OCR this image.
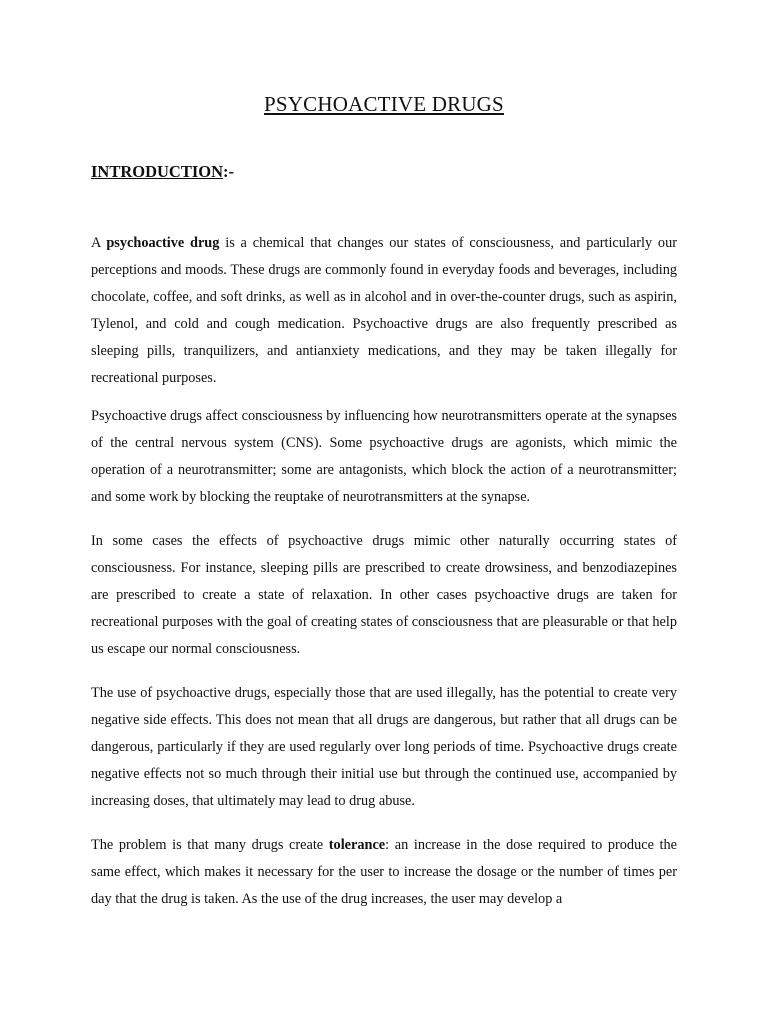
PSYCHOACTIVE DRUGS
INTRODUCTION:-

A psychoactive drug is a chemical that changes our states of consciousness, and particularly our perceptions and moods. These drugs are commonly found in everyday foods and beverages, including chocolate, coffee, and soft drinks, as well as in alcohol and in over-the-counter drugs, such as aspirin, Tylenol, and cold and cough medication. Psychoactive drugs are also frequently prescribed as sleeping pills, tranquilizers, and antianxiety medications, and they may be taken illegally for recreational purposes.

Psychoactive drugs affect consciousness by influencing how neurotransmitters operate at the synapses of the central nervous system (CNS). Some psychoactive drugs are agonists, which mimic the operation of a neurotransmitter; some are antagonists, which block the action of a neurotransmitter; and some work by blocking the reuptake of neurotransmitters at the synapse.

In some cases the effects of psychoactive drugs mimic other naturally occurring states of consciousness. For instance, sleeping pills are prescribed to create drowsiness, and benzodiazepines are prescribed to create a state of relaxation. In other cases psychoactive drugs are taken for recreational purposes with the goal of creating states of consciousness that are pleasurable or that help us escape our normal consciousness.

The use of psychoactive drugs, especially those that are used illegally, has the potential to create very negative side effects. This does not mean that all drugs are dangerous, but rather that all drugs can be dangerous, particularly if they are used regularly over long periods of time. Psychoactive drugs create negative effects not so much through their initial use but through the continued use, accompanied by increasing doses, that ultimately may lead to drug abuse.

The problem is that many drugs create tolerance: an increase in the dose required to produce the same effect, which makes it necessary for the user to increase the dosage or the number of times per day that the drug is taken. As the use of the drug increases, the user may develop a
